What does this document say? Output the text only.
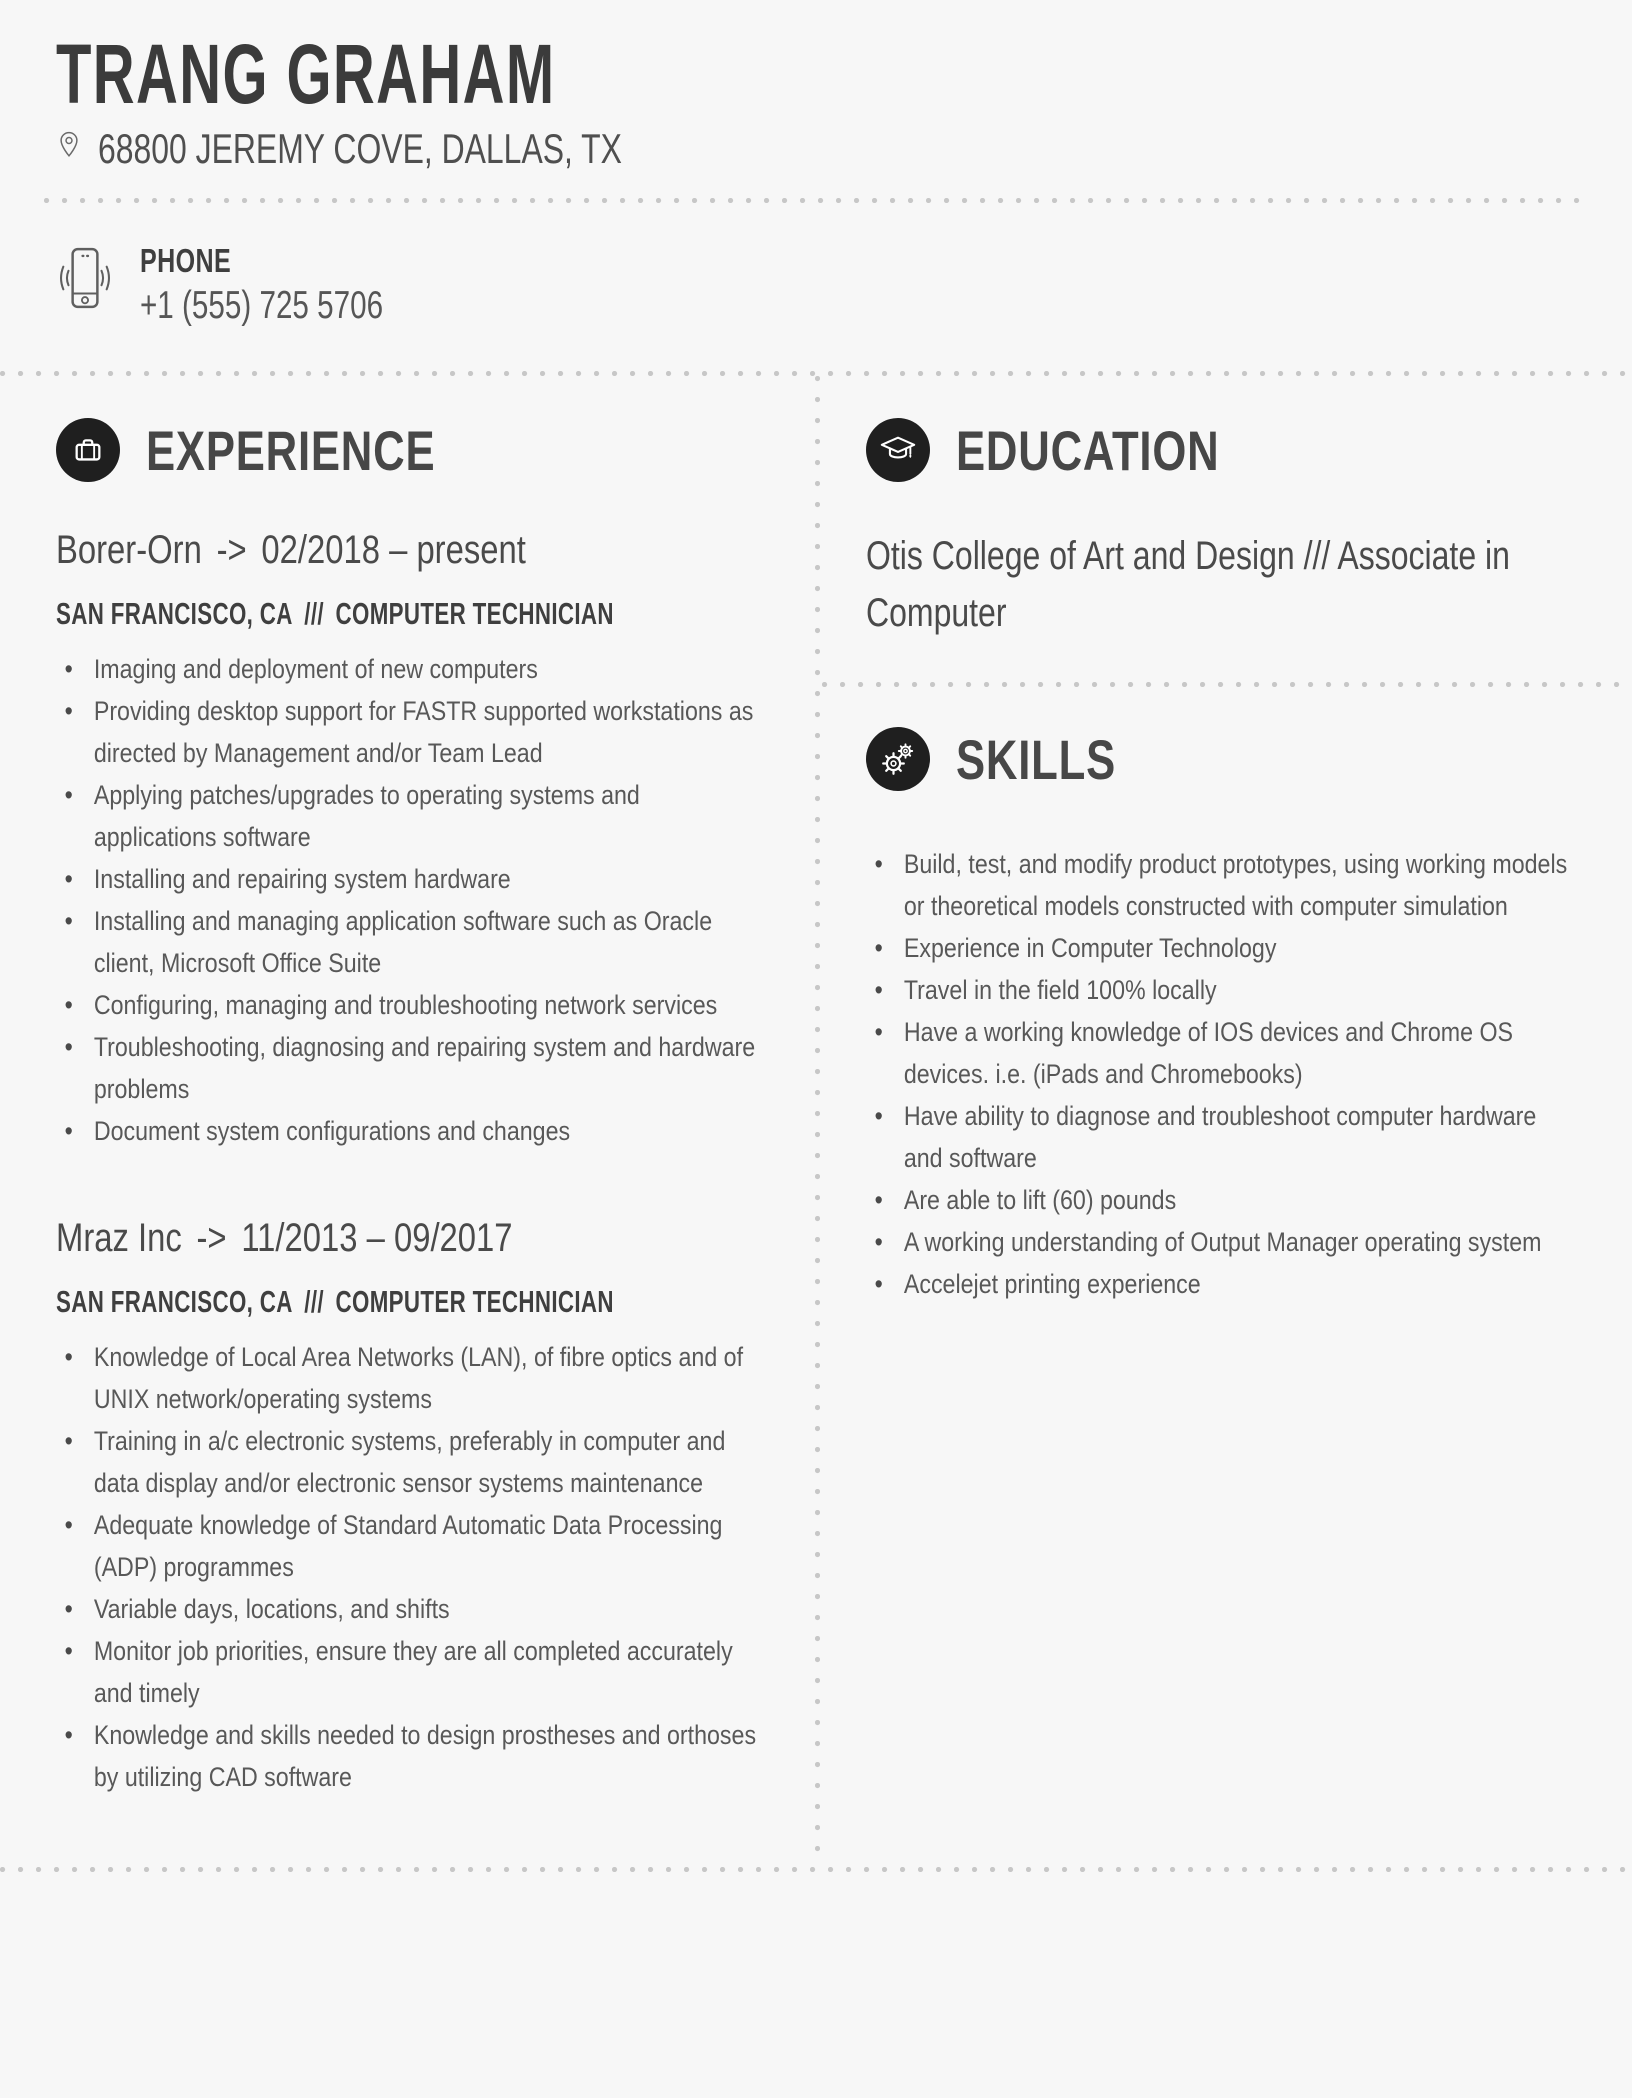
TRANG GRAHAM
68800 JEREMY COVE, DALLAS, TX
PHONE
+1 (555) 725 5706
EXPERIENCE
Borer-Orn -> 02/2018 – present
SAN FRANCISCO, CA /// COMPUTER TECHNICIAN
• Imaging and deployment of new computers
• Providing desktop support for FASTR supported workstations as directed by Management and/or Team Lead
• Applying patches/upgrades to operating systems and applications software
• Installing and repairing system hardware
• Installing and managing application software such as Oracle client, Microsoft Office Suite
• Configuring, managing and troubleshooting network services
• Troubleshooting, diagnosing and repairing system and hardware problems
• Document system configurations and changes
Mraz Inc -> 11/2013 – 09/2017
SAN FRANCISCO, CA /// COMPUTER TECHNICIAN
• Knowledge of Local Area Networks (LAN), of fibre optics and of UNIX network/operating systems
• Training in a/c electronic systems, preferably in computer and data display and/or electronic sensor systems maintenance
• Adequate knowledge of Standard Automatic Data Processing (ADP) programmes
• Variable days, locations, and shifts
• Monitor job priorities, ensure they are all completed accurately and timely
• Knowledge and skills needed to design prostheses and orthoses by utilizing CAD software
EDUCATION
Otis College of Art and Design /// Associate in Computer
SKILLS
• Build, test, and modify product prototypes, using working models or theoretical models constructed with computer simulation
• Experience in Computer Technology
• Travel in the field 100% locally
• Have a working knowledge of IOS devices and Chrome OS devices. i.e. (iPads and Chromebooks)
• Have ability to diagnose and troubleshoot computer hardware and software
• Are able to lift (60) pounds
• A working understanding of Output Manager operating system
• Accelejet printing experience
